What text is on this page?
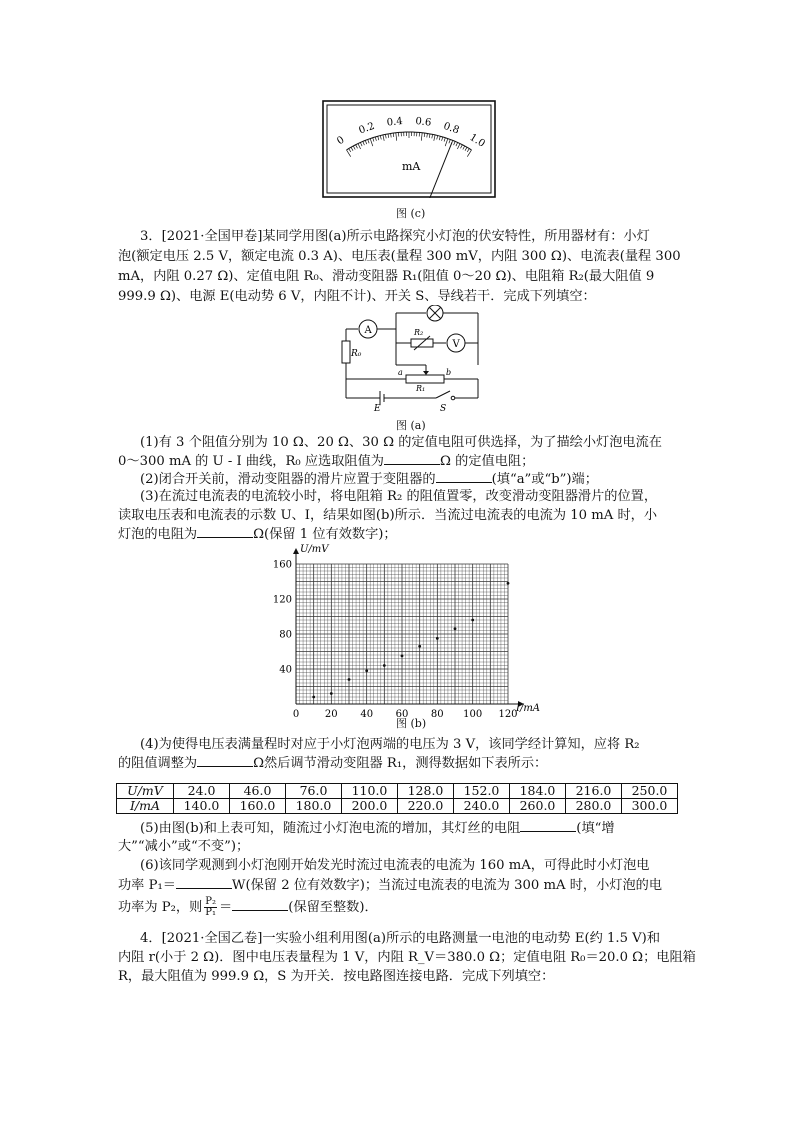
0
0.2 0.4 0.6 0.8
1.0
mA
图 (c)
3．[2021·全国甲卷]某同学用图(a)所示电路探究小灯泡的伏安特性，所用器材有：小灯
泡(额定电压 2.5 V，额定电流 0.3 A)、电压表(量程 300 mV，内阻 300 Ω)、电流表(量程 300
mA，内阻 0.27 Ω)、定值电阻 R₀、滑动变阻器 R₁(阻值 0～20 Ω)、电阻箱 R₂(最大阻值 9
999.9 Ω)、电源 E(电动势 6 V，内阻不计)、开关 S、导线若干．完成下列填空：
A
V
R₀
R₂
a	b
R₁
E	S
图 (a)
(1)有 3 个阻值分别为 10 Ω、20 Ω、30 Ω 的定值电阻可供选择，为了描绘小灯泡电流在
0～300 mA 的 U - I 曲线，R₀ 应选取阻值为	Ω 的定值电阻；
(2)闭合开关前，滑动变阻器的滑片应置于变阻器的	(填“a”或“b”)端；
(3)在流过电流表的电流较小时，将电阻箱 R₂ 的阻值置零，改变滑动变阻器滑片的位置，
读取电压表和电流表的示数 U、I，结果如图(b)所示．当流过电流表的电流为 10 mA 时，小
灯泡的电阻为	Ω(保留 1 位有效数字)；
0	20 40 60 80 100 120
40
80
120
160
U/mV
I/mA
图 (b)
(4)为使得电压表满量程时对应于小灯泡两端的电压为 3 V，该同学经计算知，应将 R₂
的阻值调整为	Ω然后调节滑动变阻器 R₁，测得数据如下表所示：
U/mV	24.0	46.0	76.0	110.0	128.0	152.0	184.0	216.0	250.0
I/mA	140.0	160.0	180.0	200.0	220.0	240.0	260.0	280.0	300.0
(5)由图(b)和上表可知，随流过小灯泡电流的增加，其灯丝的电阻	(填“增
大”“减小”或“不变”)；
(6)该同学观测到小灯泡刚开始发光时流过电流表的电流为 160 mA，可得此时小灯泡电
功率 P₁＝	W(保留 2 位有效数字)；当流过电流表的电流为 300 mA 时，小灯泡的电
功率为 P₂，则 $\frac{\text{P₂}}{\text{P₁}}$ ＝	(保留至整数)．
4．[2021·全国乙卷]一实验小组利用图(a)所示的电路测量一电池的电动势 E(约 1.5 V)和
内阻 r(小于 2 Ω)．图中电压表量程为 1 V，内阻 R_V＝380.0 Ω；定值电阻 R₀＝20.0 Ω；电阻箱
R，最大阻值为 999.9 Ω，S 为开关．按电路图连接电路．完成下列填空：
